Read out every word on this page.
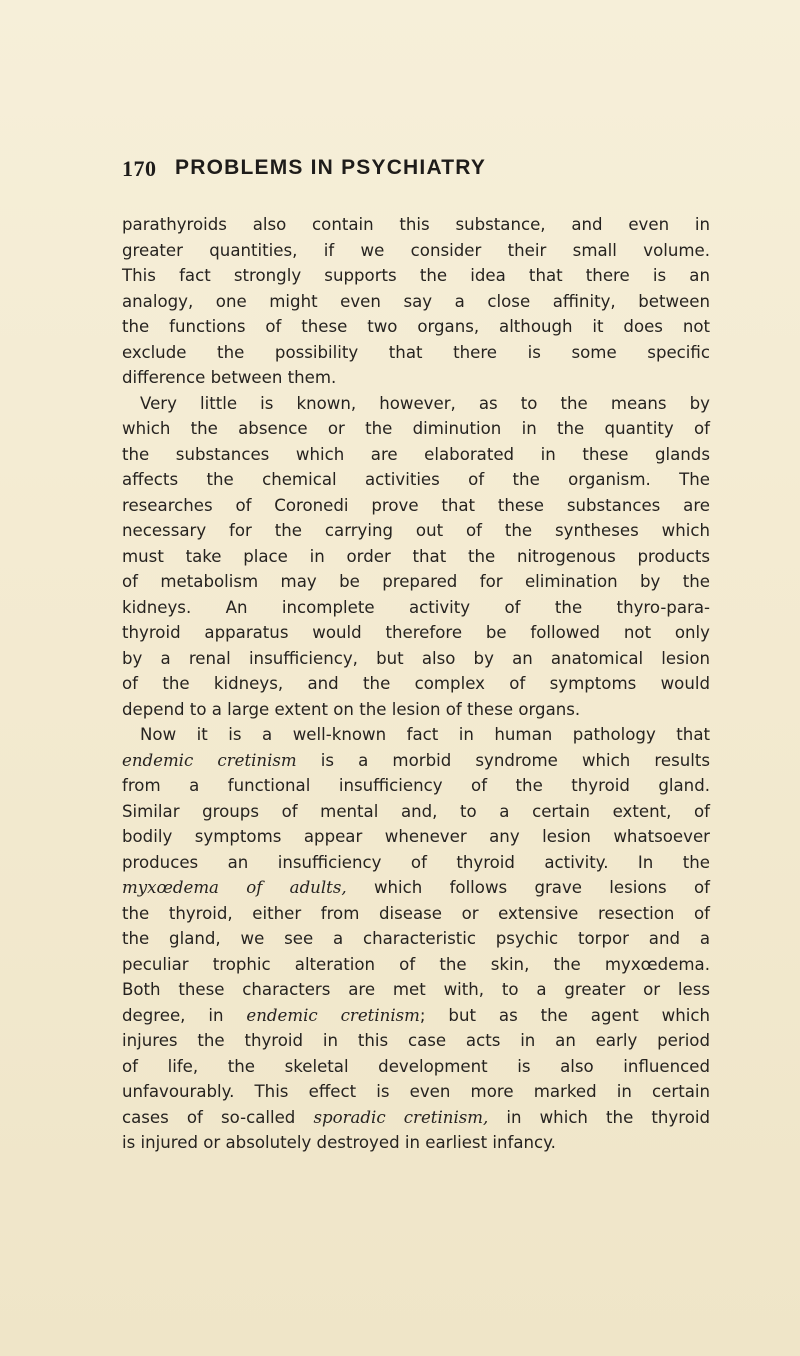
170 PROBLEMS IN PSYCHIATRY
parathyroids also contain this substance, and even in
greater quantities, if we consider their small volume.
This fact strongly supports the idea that there is an
analogy, one might even say a close affinity, between
the functions of these two organs, although it does not
exclude the possibility that there is some specific
difference between them.
Very little is known, however, as to the means by
which the absence or the diminution in the quantity of
the substances which are elaborated in these glands
affects the chemical activities of the organism. The
researches of Coronedi prove that these substances are
necessary for the carrying out of the syntheses which
must take place in order that the nitrogenous products
of metabolism may be prepared for elimination by the
kidneys. An incomplete activity of the thyro-para-
thyroid apparatus would therefore be followed not only
by a renal insufficiency, but also by an anatomical lesion
of the kidneys, and the complex of symptoms would
depend to a large extent on the lesion of these organs.
Now it is a well-known fact in human pathology that
endemic cretinism is a morbid syndrome which results
from a functional insufficiency of the thyroid gland.
Similar groups of mental and, to a certain extent, of
bodily symptoms appear whenever any lesion whatsoever
produces an insufficiency of thyroid activity. In the
myxœdema of adults, which follows grave lesions of
the thyroid, either from disease or extensive resection of
the gland, we see a characteristic psychic torpor and a
peculiar trophic alteration of the skin, the myxœdema.
Both these characters are met with, to a greater or less
degree, in endemic cretinism; but as the agent which
injures the thyroid in this case acts in an early period
of life, the skeletal development is also influenced
unfavourably. This effect is even more marked in certain
cases of so-called sporadic cretinism, in which the thyroid
is injured or absolutely destroyed in earliest infancy.
